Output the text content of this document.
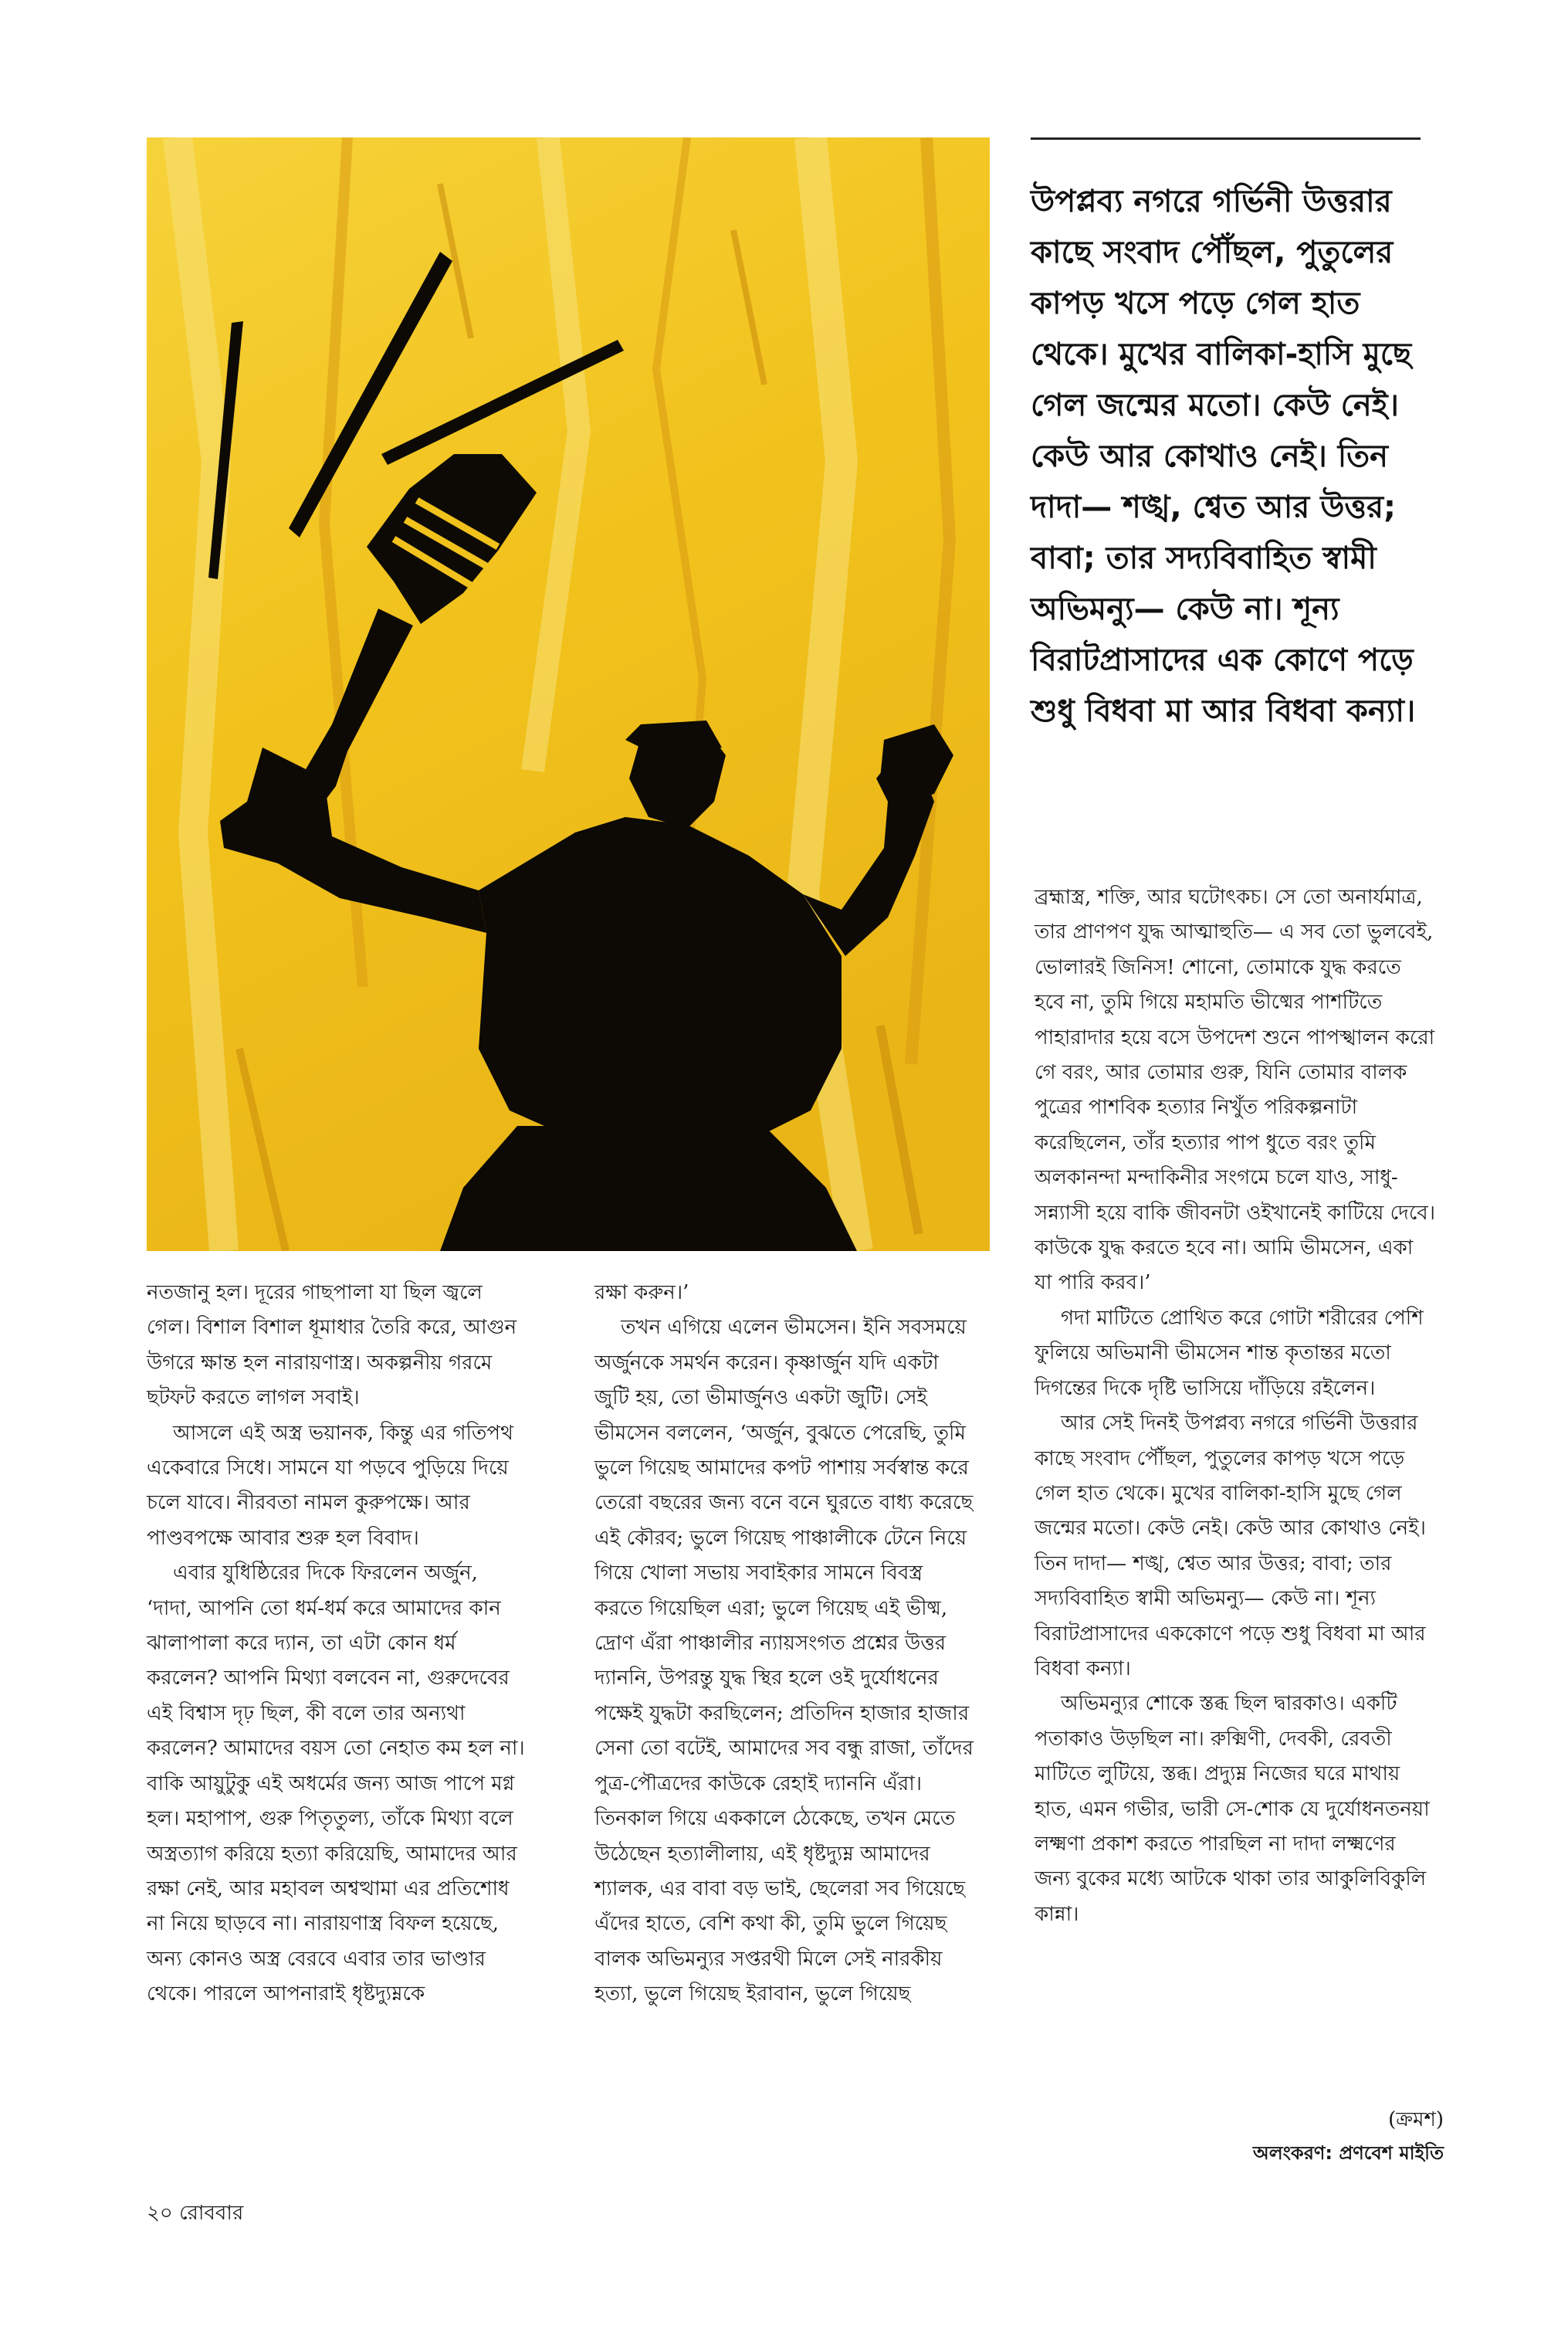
উপপ্লব্য নগরে গর্ভিনী উত্তরার কাছে সংবাদ পৌঁছল, পুতুলের কাপড় খসে পড়ে গেল হাত থেকে। মুখের বালিকা-হাসি মুছে গেল জন্মের মতো। কেউ নেই। কেউ আর কোথাও নেই। তিন দাদা— শঙ্খ, শ্বেত আর উত্তর; বাবা; তার সদ্যবিবাহিত স্বামী অভিমন্যু— কেউ না। শূন্য বিরাটপ্রাসাদের এক কোণে পড়ে শুধু বিধবা মা আর বিধবা কন্যা।

নতজানু হল। দূরের গাছপালা যা ছিল জ্বলে গেল। বিশাল বিশাল ধূমাধার তৈরি করে, আগুন উগরে ক্ষান্ত হল নারায়ণাস্ত্র। অকল্পনীয় গরমে ছটফট করতে লাগল সবাই।

আসলে এই অস্ত্র ভয়ানক, কিন্তু এর গতিপথ একেবারে সিধে। সামনে যা পড়বে পুড়িয়ে দিয়ে চলে যাবে। নীরবতা নামল কুরুপক্ষে। আর পাণ্ডবপক্ষে আবার শুরু হল বিবাদ।

এবার যুধিষ্ঠিরের দিকে ফিরলেন অর্জুন, ‘দাদা, আপনি তো ধর্ম-ধর্ম করে আমাদের কান ঝালাপালা করে দ্যান, তা এটা কোন ধর্ম করলেন? আপনি মিথ্যা বলবেন না, গুরুদেবের এই বিশ্বাস দৃঢ় ছিল, কী বলে তার অন্যথা করলেন? আমাদের বয়স তো নেহাত কম হল না। বাকি আয়ুটুকু এই অধর্মের জন্য আজ পাপে মগ্ন হল। মহাপাপ, গুরু পিতৃতুল্য, তাঁকে মিথ্যা বলে অস্ত্রত্যাগ করিয়ে হত্যা করিয়েছি, আমাদের আর রক্ষা নেই, আর মহাবল অশ্বত্থামা এর প্রতিশোধ না নিয়ে ছাড়বে না। নারায়ণাস্ত্র বিফল হয়েছে, অন্য কোনও অস্ত্র বেরবে এবার তার ভাণ্ডার থেকে। পারলে আপনারাই ধৃষ্টদ্যুম্নকে

রক্ষা করুন।’

তখন এগিয়ে এলেন ভীমসেন। ইনি সবসময়ে অর্জুনকে সমর্থন করেন। কৃষ্ণার্জুন যদি একটা জুটি হয়, তো ভীমার্জুনও একটা জুটি। সেই ভীমসেন বললেন, ‘অর্জুন, বুঝতে পেরেছি, তুমি ভুলে গিয়েছ আমাদের কপট পাশায় সর্বস্বান্ত করে তেরো বছরের জন্য বনে বনে ঘুরতে বাধ্য করেছে এই কৌরব; ভুলে গিয়েছ পাঞ্চালীকে টেনে নিয়ে গিয়ে খোলা সভায় সবাইকার সামনে বিবস্ত্র করতে গিয়েছিল এরা; ভুলে গিয়েছ এই ভীষ্ম, দ্রোণ এঁরা পাঞ্চালীর ন্যায়সংগত প্রশ্নের উত্তর দ্যাননি, উপরন্তু যুদ্ধ স্থির হলে ওই দুর্যোধনের পক্ষেই যুদ্ধটা করছিলেন; প্রতিদিন হাজার হাজার সেনা তো বটেই, আমাদের সব বন্ধু রাজা, তাঁদের পুত্র-পৌত্রদের কাউকে রেহাই দ্যাননি এঁরা। তিনকাল গিয়ে এককালে ঠেকেছে, তখন মেতে উঠেছেন হত্যালীলায়, এই ধৃষ্টদ্যুম্ন আমাদের শ্যালক, এর বাবা বড় ভাই, ছেলেরা সব গিয়েছে এঁদের হাতে, বেশি কথা কী, তুমি ভুলে গিয়েছ বালক অভিমন্যুর সপ্তরথী মিলে সেই নারকীয় হত্যা, ভুলে গিয়েছ ইরাবান, ভুলে গিয়েছ

ব্রহ্মাস্ত্র, শক্তি, আর ঘটোৎকচ। সে তো অনার্যমাত্র, তার প্রাণপণ যুদ্ধ আত্মাহুতি— এ সব তো ভুলবেই, ভোলারই জিনিস! শোনো, তোমাকে যুদ্ধ করতে হবে না, তুমি গিয়ে মহামতি ভীষ্মের পাশটিতে পাহারাদার হয়ে বসে উপদেশ শুনে পাপস্খালন করো গে বরং, আর তোমার গুরু, যিনি তোমার বালক পুত্রের পাশবিক হত্যার নিখুঁত পরিকল্পনাটা করেছিলেন, তাঁর হত্যার পাপ ধুতে বরং তুমি অলকানন্দা মন্দাকিনীর সংগমে চলে যাও, সাধু-সন্ন্যাসী হয়ে বাকি জীবনটা ওইখানেই কাটিয়ে দেবে। কাউকে যুদ্ধ করতে হবে না। আমি ভীমসেন, একা যা পারি করব।’

গদা মাটিতে প্রোথিত করে গোটা শরীরের পেশি ফুলিয়ে অভিমানী ভীমসেন শান্ত কৃতান্তর মতো দিগন্তের দিকে দৃষ্টি ভাসিয়ে দাঁড়িয়ে রইলেন।

আর সেই দিনই উপপ্লব্য নগরে গর্ভিনী উত্তরার কাছে সংবাদ পৌঁছল, পুতুলের কাপড় খসে পড়ে গেল হাত থেকে। মুখের বালিকা-হাসি মুছে গেল জন্মের মতো। কেউ নেই। কেউ আর কোথাও নেই। তিন দাদা— শঙ্খ, শ্বেত আর উত্তর; বাবা; তার সদ্যবিবাহিত স্বামী অভিমন্যু— কেউ না। শূন্য বিরাটপ্রাসাদের এককোণে পড়ে শুধু বিধবা মা আর বিধবা কন্যা।

অভিমন্যুর শোকে স্তব্ধ ছিল দ্বারকাও। একটি পতাকাও উড়ছিল না। রুক্মিণী, দেবকী, রেবতী মাটিতে লুটিয়ে, স্তব্ধ। প্রদ্যুম্ন নিজের ঘরে মাথায় হাত, এমন গভীর, ভারী সে-শোক যে দুর্যোধনতনয়া লক্ষ্মণা প্রকাশ করতে পারছিল না দাদা লক্ষ্মণের জন্য বুকের মধ্যে আটকে থাকা তার আকুলিবিকুলি কান্না।

(ক্রমশ)
অলংকরণ: প্রণবেশ মাইতি
২০ রোববার
